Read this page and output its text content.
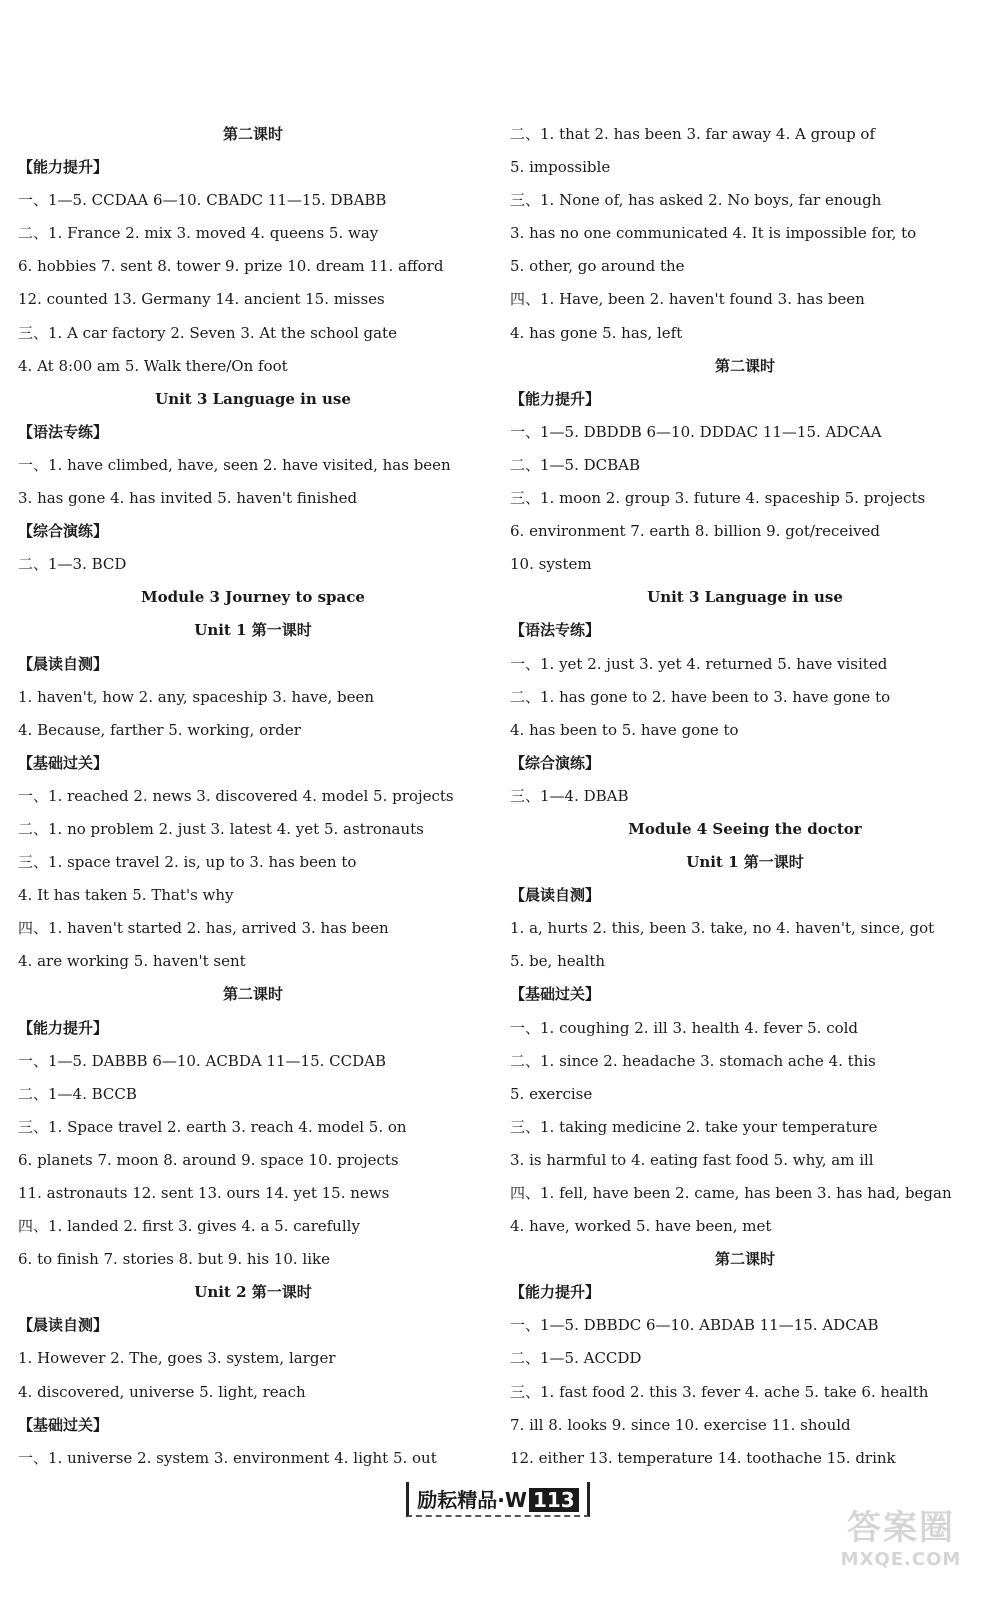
第二课时
【能力提升】
一、1—5. CCDAA 6—10. CBADC 11—15. DBABB
二、1. France 2. mix 3. moved 4. queens 5. way
6. hobbies 7. sent 8. tower 9. prize 10. dream 11. afford
12. counted 13. Germany 14. ancient 15. misses
三、1. A car factory 2. Seven 3. At the school gate
4. At 8:00 am 5. Walk there/On foot
Unit 3 Language in use
【语法专练】
一、1. have climbed, have, seen 2. have visited, has been
3. has gone 4. has invited 5. haven't finished
【综合演练】
二、1—3. BCD
Module 3 Journey to space
Unit 1 第一课时
【晨读自测】
1. haven't, how 2. any, spaceship 3. have, been
4. Because, farther 5. working, order
【基础过关】
一、1. reached 2. news 3. discovered 4. model 5. projects
二、1. no problem 2. just 3. latest 4. yet 5. astronauts
三、1. space travel 2. is, up to 3. has been to
4. It has taken 5. That's why
四、1. haven't started 2. has, arrived 3. has been
4. are working 5. haven't sent
第二课时
【能力提升】
一、1—5. DABBB 6—10. ACBDA 11—15. CCDAB
二、1—4. BCCB
三、1. Space travel 2. earth 3. reach 4. model 5. on
6. planets 7. moon 8. around 9. space 10. projects
11. astronauts 12. sent 13. ours 14. yet 15. news
四、1. landed 2. first 3. gives 4. a 5. carefully
6. to finish 7. stories 8. but 9. his 10. like
Unit 2 第一课时
【晨读自测】
1. However 2. The, goes 3. system, larger
4. discovered, universe 5. light, reach
【基础过关】
一、1. universe 2. system 3. environment 4. light 5. out
二、1. that 2. has been 3. far away 4. A group of
5. impossible
三、1. None of, has asked 2. No boys, far enough
3. has no one communicated 4. It is impossible for, to
5. other, go around the
四、1. Have, been 2. haven't found 3. has been
4. has gone 5. has, left
第二课时
【能力提升】
一、1—5. DBDDB 6—10. DDDAC 11—15. ADCAA
二、1—5. DCBAB
三、1. moon 2. group 3. future 4. spaceship 5. projects
6. environment 7. earth 8. billion 9. got/received
10. system
Unit 3 Language in use
【语法专练】
一、1. yet 2. just 3. yet 4. returned 5. have visited
二、1. has gone to 2. have been to 3. have gone to
4. has been to 5. have gone to
【综合演练】
三、1—4. DBAB
Module 4 Seeing the doctor
Unit 1 第一课时
【晨读自测】
1. a, hurts 2. this, been 3. take, no 4. haven't, since, got
5. be, health
【基础过关】
一、1. coughing 2. ill 3. health 4. fever 5. cold
二、1. since 2. headache 3. stomach ache 4. this
5. exercise
三、1. taking medicine 2. take your temperature
3. is harmful to 4. eating fast food 5. why, am ill
四、1. fell, have been 2. came, has been 3. has had, began
4. have, worked 5. have been, met
第二课时
【能力提升】
一、1—5. DBBDC 6—10. ABDAB 11—15. ADCAB
二、1—5. ACCDD
三、1. fast food 2. this 3. fever 4. ache 5. take 6. health
7. ill 8. looks 9. since 10. exercise 11. should
12. either 13. temperature 14. toothache 15. drink
励耘精品·W 113
答案圈
MXQE.COM
